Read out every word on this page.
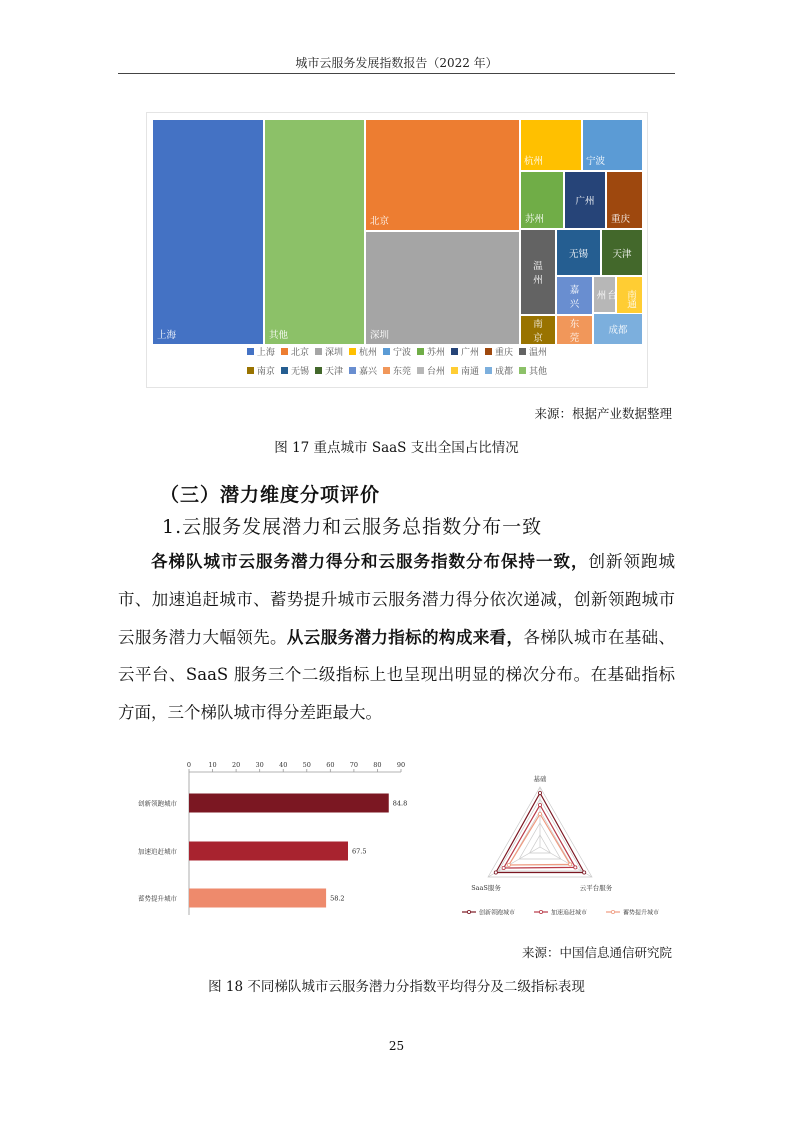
城市云服务发展指数报告（2022 年）
上海	其他
北京
深圳
杭州	宁波
苏州
广州
重庆
无锡	天津
温州
嘉兴
台州	南通
南京
东莞
成都
上海 北京 深圳 杭州 宁波 苏州 广州 重庆 温州
南京 无锡 天津 嘉兴 东莞 台州 南通 成都 其他
来源：根据产业数据整理
图 17 重点城市 SaaS 支出全国占比情况
（三）潜力维度分项评价
1.云服务发展潜力和云服务总指数分布一致
各梯队城市云服务潜力得分和云服务指数分布保持一致，创新领跑城市、加速追赶城市、蓄势提升城市云服务潜力得分依次递减，创新领跑城市云服务潜力大幅领先。从云服务潜力指标的构成来看，各梯队城市在基础、云平台、SaaS 服务三个二级指标上也呈现出明显的梯次分布。在基础指标方面，三个梯队城市得分差距最大。
0	10 20 30 40 50 60 70 80 90
创新领跑城市	84.8
加速追赶城市	67.5
蓄势提升城市	58.2
基础
云平台服务
SaaS服务
创新领跑城市	加速追赶城市	蓄势提升城市
来源：中国信息通信研究院
图 18 不同梯队城市云服务潜力分指数平均得分及二级指标表现
25
